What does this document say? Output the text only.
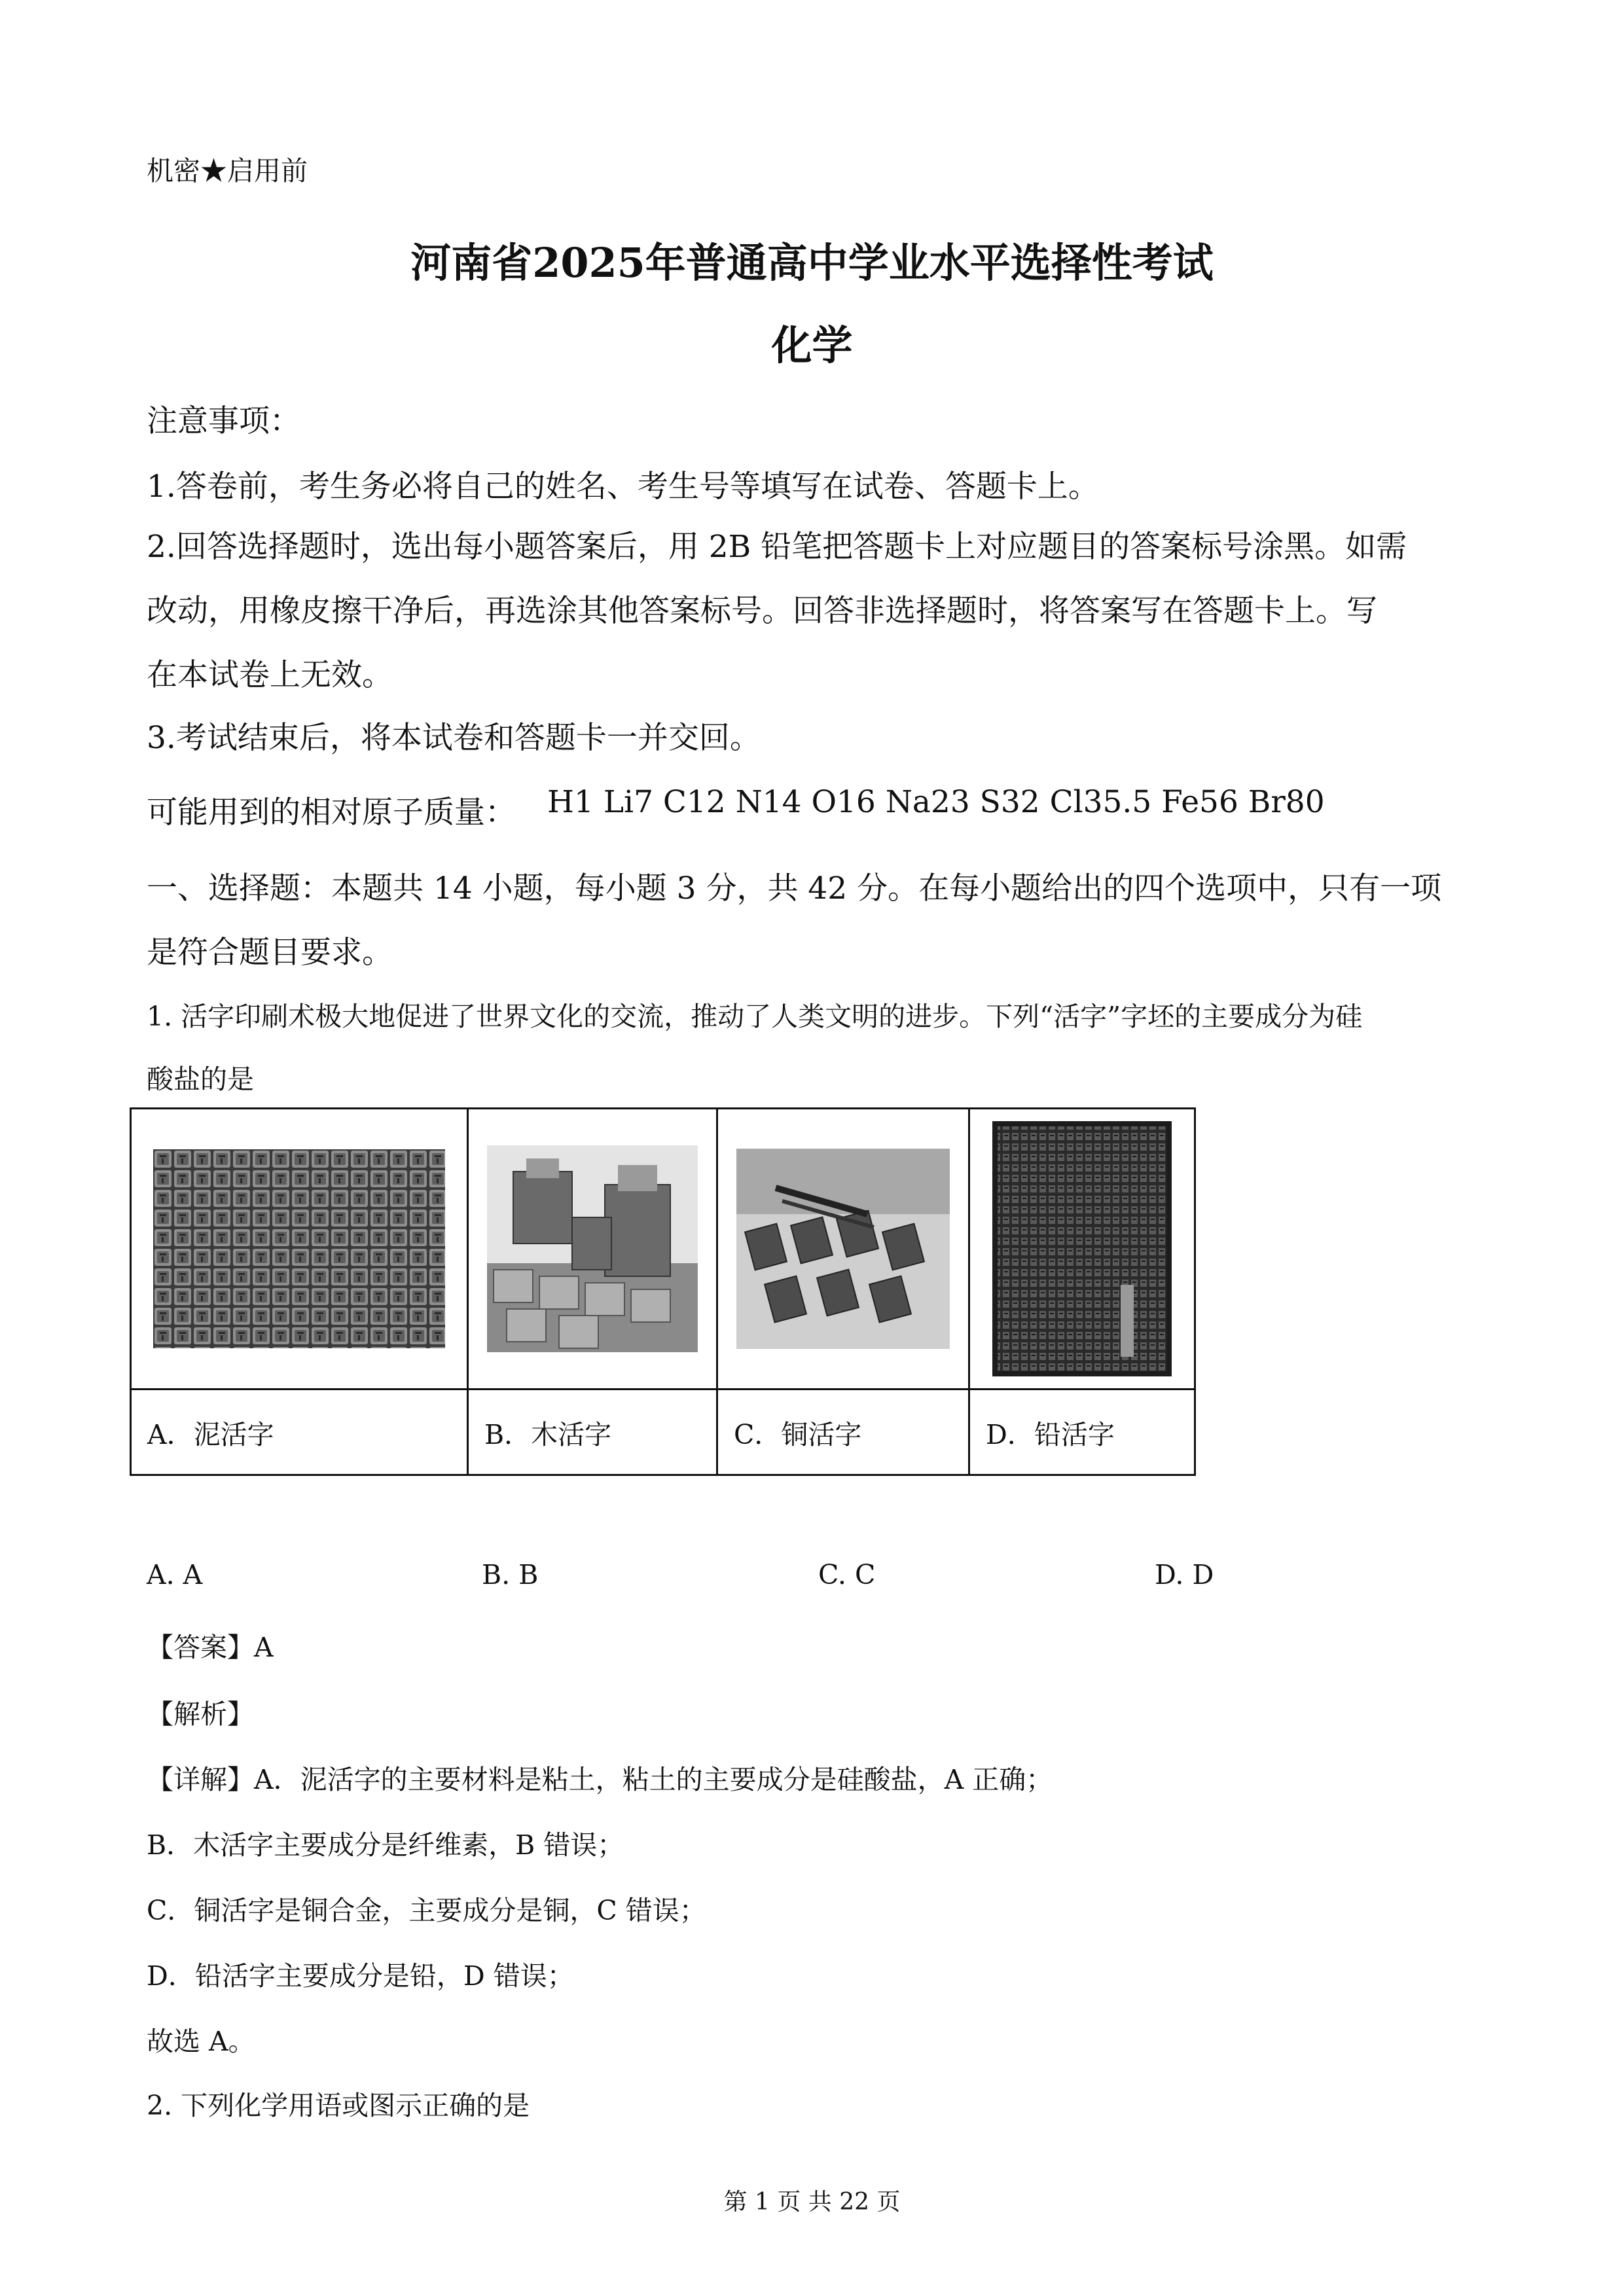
机密★启用前
河南省2025年普通高中学业水平选择性考试
化学
注意事项：
1.答卷前，考生务必将自己的姓名、考生号等填写在试卷、答题卡上。
2.回答选择题时，选出每小题答案后，用 2B 铅笔把答题卡上对应题目的答案标号涂黑。如需
改动，用橡皮擦干净后，再选涂其他答案标号。回答非选择题时，将答案写在答题卡上。写
在本试卷上无效。
3.考试结束后，将本试卷和答题卡一并交回。
可能用到的相对原子质量： H1 Li7 C12 N14 O16 Na23 S32 Cl35.5 Fe56 Br80
一、选择题：本题共 14 小题，每小题 3 分，共 42 分。在每小题给出的四个选项中，只有一项
是符合题目要求。
1. 活字印刷术极大地促进了世界文化的交流，推动了人类文明的进步。下列“活字”字坯的主要成分为硅
酸盐的是

A．泥活字	B．木活字	C．铜活字	D．铅活字
A. A	B. B	C. C	D. D
【答案】A
【解析】
【详解】A．泥活字的主要材料是粘土，粘土的主要成分是硅酸盐，A 正确；
B．木活字主要成分是纤维素，B 错误；
C．铜活字是铜合金，主要成分是铜，C 错误；
D．铅活字主要成分是铅，D 错误；
故选 A。
2. 下列化学用语或图示正确的是
第 1 页 共 22 页
